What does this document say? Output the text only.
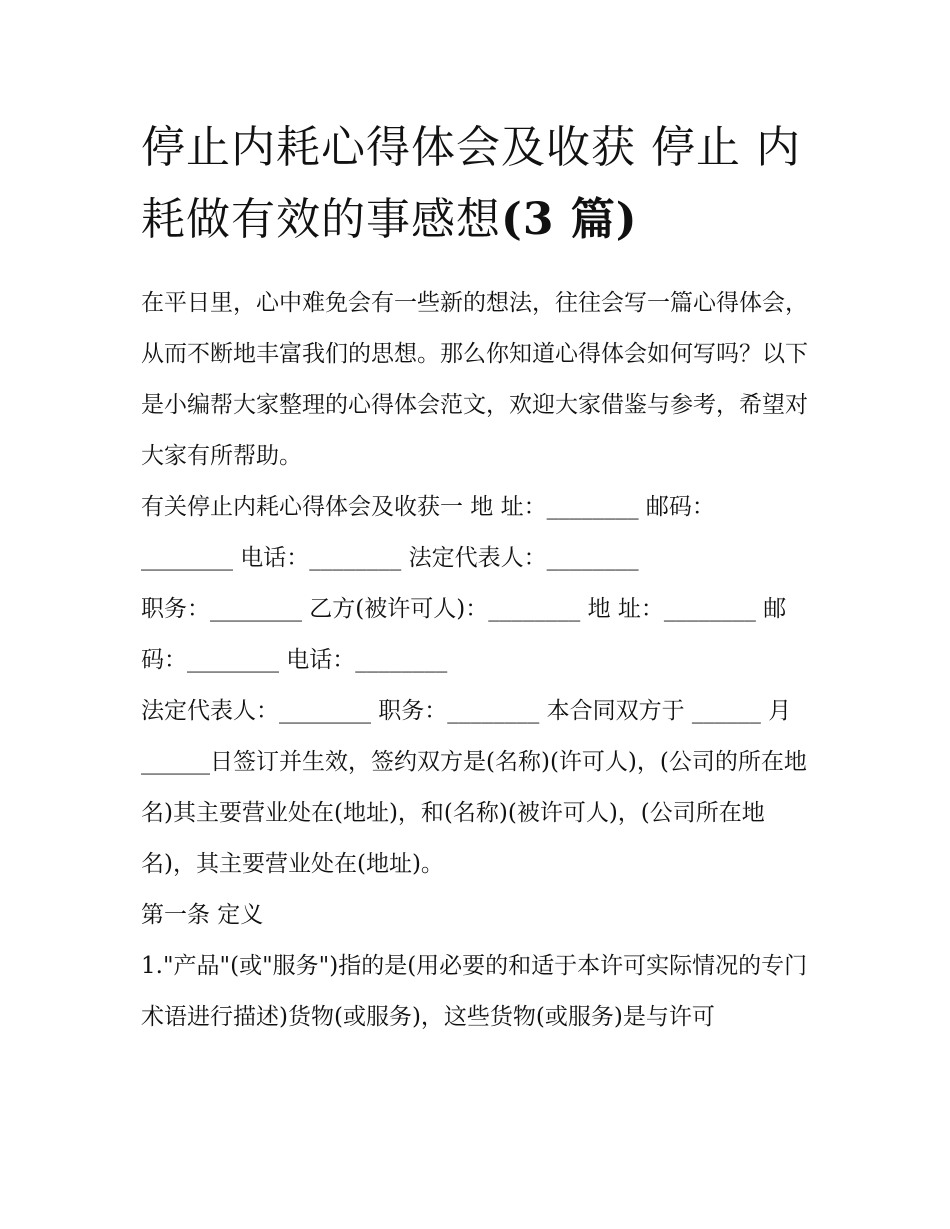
停止内耗心得体会及收获 停止 内耗做有效的事感想(3 篇)

在平日里，心中难免会有一些新的想法，往往会写一篇心得体会，从而不断地丰富我们的思想。那么你知道心得体会如何写吗？以下是小编帮大家整理的心得体会范文，欢迎大家借鉴与参考，希望对大家有所帮助。

有关停止内耗心得体会及收获一 地 址：________ 邮码：

________ 电话：________ 法定代表人：________

职务：________ 乙方(被许可人)：________ 地 址：________ 邮码：________ 电话：________

法定代表人：________ 职务：________ 本合同双方于 ______ 月

______日签订并生效，签约双方是(名称)(许可人)，(公司的所在地名)其主要营业处在(地址)，和(名称)(被许可人)，(公司所在地名)，其主要营业处在(地址)。

第一条 定义

1."产品"(或"服务")指的是(用必要的和适于本许可实际情况的专门术语进行描述)货物(或服务)，这些货物(或服务)是与许可
